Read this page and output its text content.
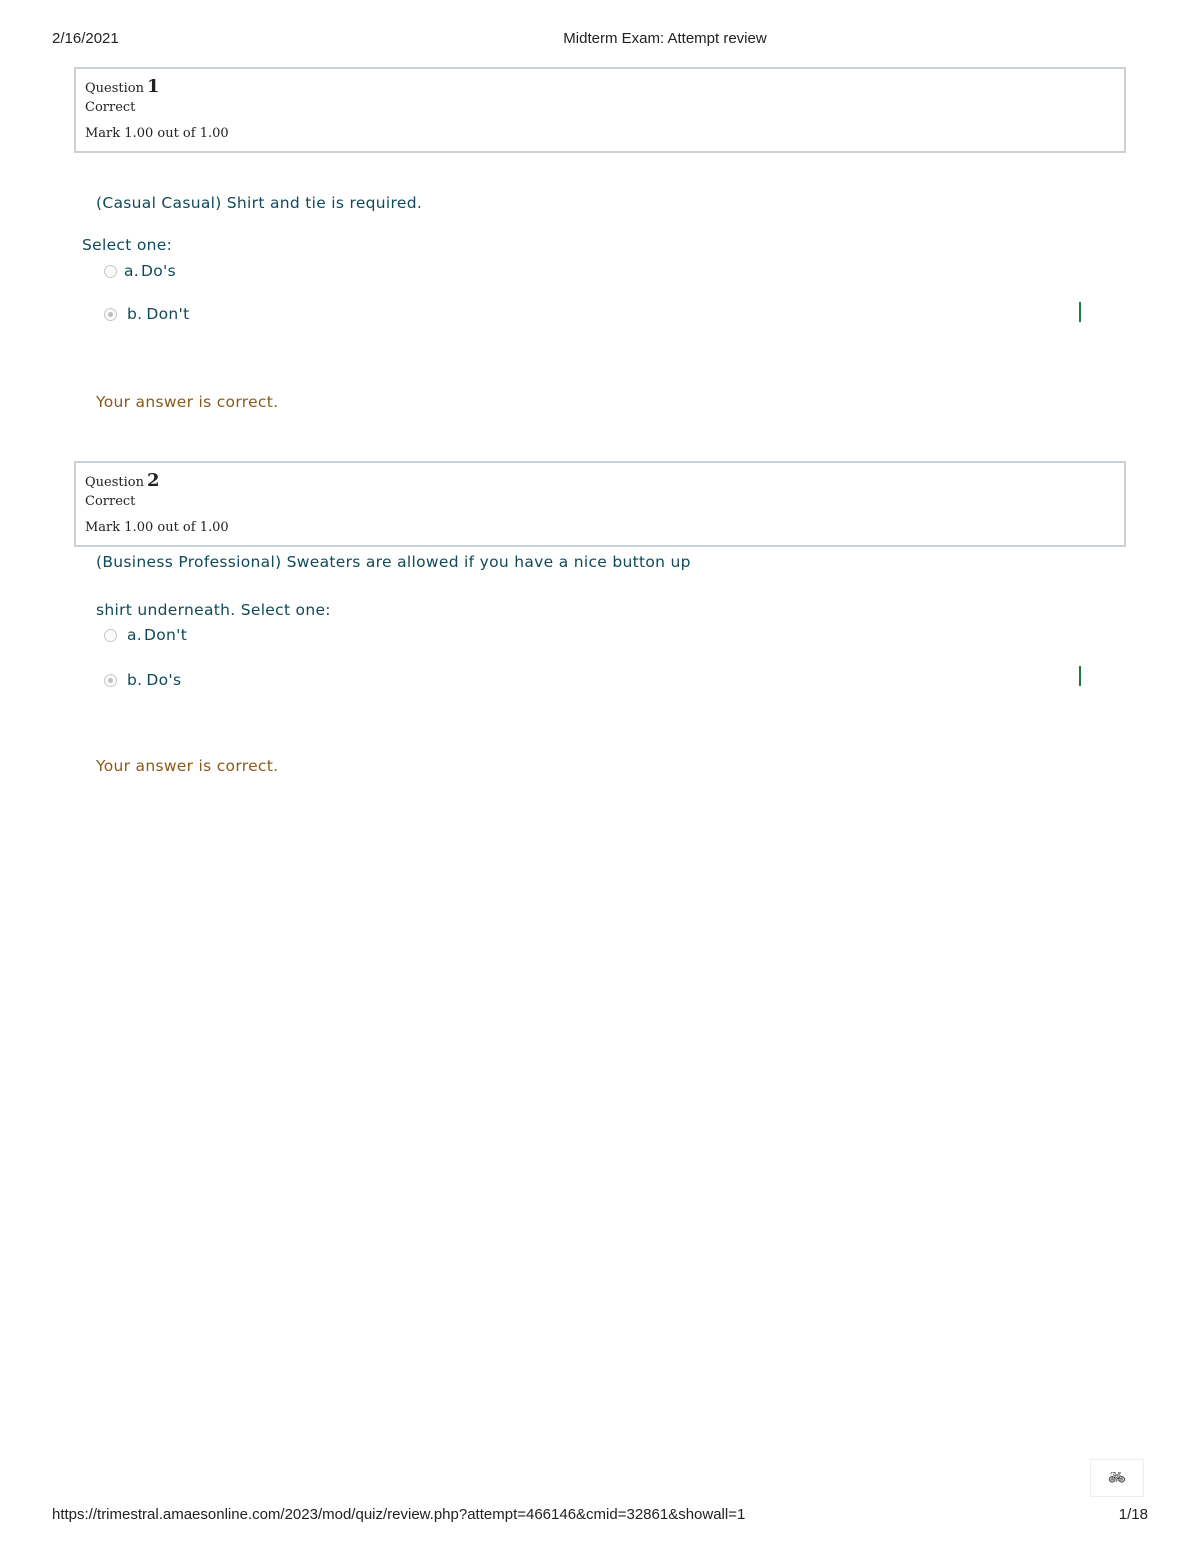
2/16/2021	Midterm Exam: Attempt review
Question 1
Correct
Mark 1.00 out of 1.00
(Casual Casual) Shirt and tie is required.
Select one:
a. Do's
b. Don't
Your answer is correct.
Question 2
Correct
Mark 1.00 out of 1.00
(Business Professional) Sweaters are allowed if you have a nice button up
shirt underneath. Select one:
a. Don't
b. Do's
Your answer is correct.
🚲︎
https://trimestral.amaesonline.com/2023/mod/quiz/review.php?attempt=466146&cmid=32861&showall=1	1/18
